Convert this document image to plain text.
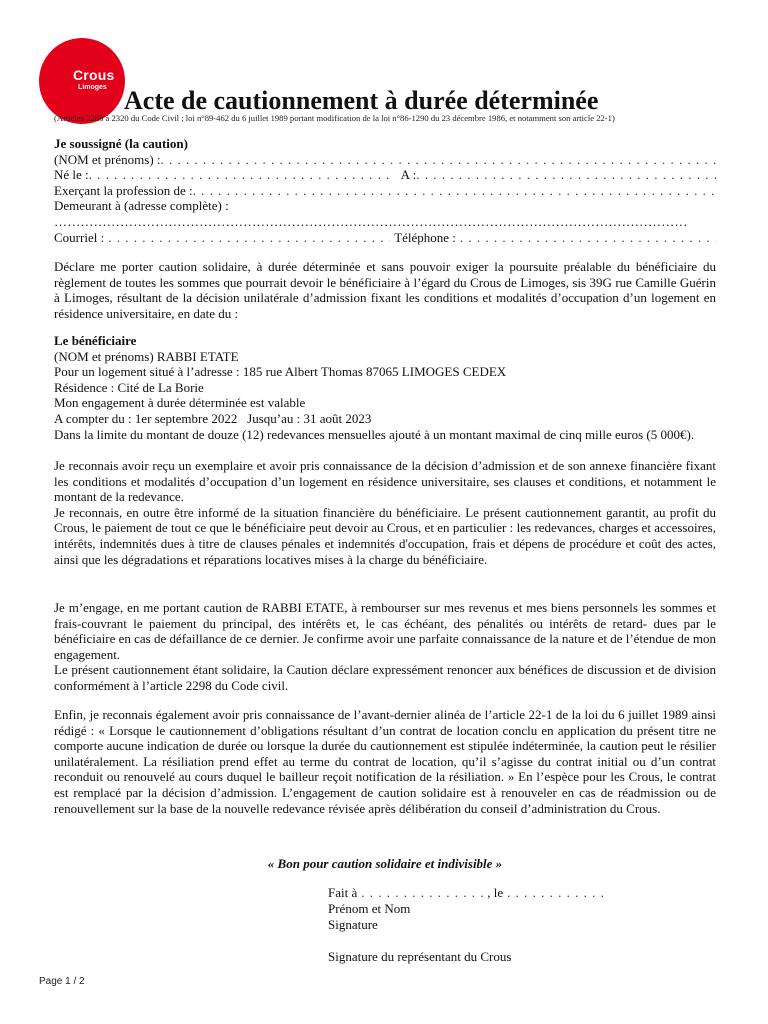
Crous
Limoges Acte de cautionnement à durée déterminée
(Articles 2288 à 2320 du Code Civil ; loi n°89-462 du 6 juillet 1989 portant modification de la loi n°86-1290 du 23 décembre 1986, et notamment son article 22-1)
Je soussigné (la caution)
(NOM et prénoms) :
. . .
Né le : . . .	A :
. . .
Exerçant la profession de :
. . .
Demeurant à (adresse complète) :
……………………………………………………………………………………………………………………………………………………………………………………………………………
Courriel : . . .	Téléphone :
. . .

Déclare me porter caution solidaire, à durée déterminée et sans pouvoir exiger la poursuite préalable du bénéficiaire du règlement de toutes les sommes que pourrait devoir le bénéficiaire à l’égard du Crous de Limoges, sis 39G rue Camille Guérin à Limoges, résultant de la décision unilatérale d’admission fixant les conditions et modalités d’occupation d’un logement en résidence universitaire, en date du :

Le bénéficiaire
(NOM et prénoms) RABBI ETATE
Pour un logement situé à l’adresse : 185 rue Albert Thomas 87065 LIMOGES CEDEX
Résidence : Cité de La Borie
Mon engagement à durée déterminée est valable
A compter du : 1er septembre 2022   Jusqu’au : 31 août 2023

Dans la limite du montant de douze (12) redevances mensuelles ajouté à un montant maximal de cinq mille euros (5 000€).

Je reconnais avoir reçu un exemplaire et avoir pris connaissance de la décision d’admission et de son annexe financière fixant les conditions et modalités d’occupation d’un logement en résidence universitaire, ses clauses et conditions, et notamment le montant de la redevance.

Je reconnais, en outre être informé de la situation financière du bénéficiaire. Le présent cautionnement garantit, au profit du Crous, le paiement de tout ce que le bénéficiaire peut devoir au Crous, et en particulier : les redevances, charges et accessoires, intérêts, indemnités dues à titre de clauses pénales et indemnités d'occupation, frais et dépens de procédure et coût des actes, ainsi que les dégradations et réparations locatives mises à la charge du bénéficiaire.

Je m’engage, en me portant caution de RABBI ETATE, à rembourser sur mes revenus et mes biens personnels les sommes et frais-couvrant le paiement du principal, des intérêts et, le cas échéant, des pénalités ou intérêts de retard- dues par le bénéficiaire en cas de défaillance de ce dernier. Je confirme avoir une parfaite connaissance de la nature et de l’étendue de mon engagement.

Le présent cautionnement étant solidaire, la Caution déclare expressément renoncer aux bénéfices de discussion et de division conformément à l’article 2298 du Code civil.

Enfin, je reconnais également avoir pris connaissance de l’avant-dernier alinéa de l’article 22-1 de la loi du 6 juillet 1989 ainsi rédigé : « Lorsque le cautionnement d’obligations résultant d’un contrat de location conclu en application du présent titre ne comporte aucune indication de durée ou lorsque la durée du cautionnement est stipulée indéterminée, la caution peut le résilier unilatéralement. La résiliation prend effet au terme du contrat de location, qu’il s’agisse du contrat initial ou d’un contrat reconduit ou renouvelé au cours duquel le bailleur reçoit notification de la résiliation. » En l’espèce pour les Crous, le contrat est remplacé par la décision d’admission. L’engagement de caution solidaire est à renouveler en cas de réadmission ou de renouvellement sur la base de la nouvelle redevance révisée après délibération du conseil d’administration du Crous.

« Bon pour caution solidaire et indivisible »
Fait à . . .	, le
. . .
Prénom et Nom
Signature
Signature du représentant du Crous
Page 1 / 2
